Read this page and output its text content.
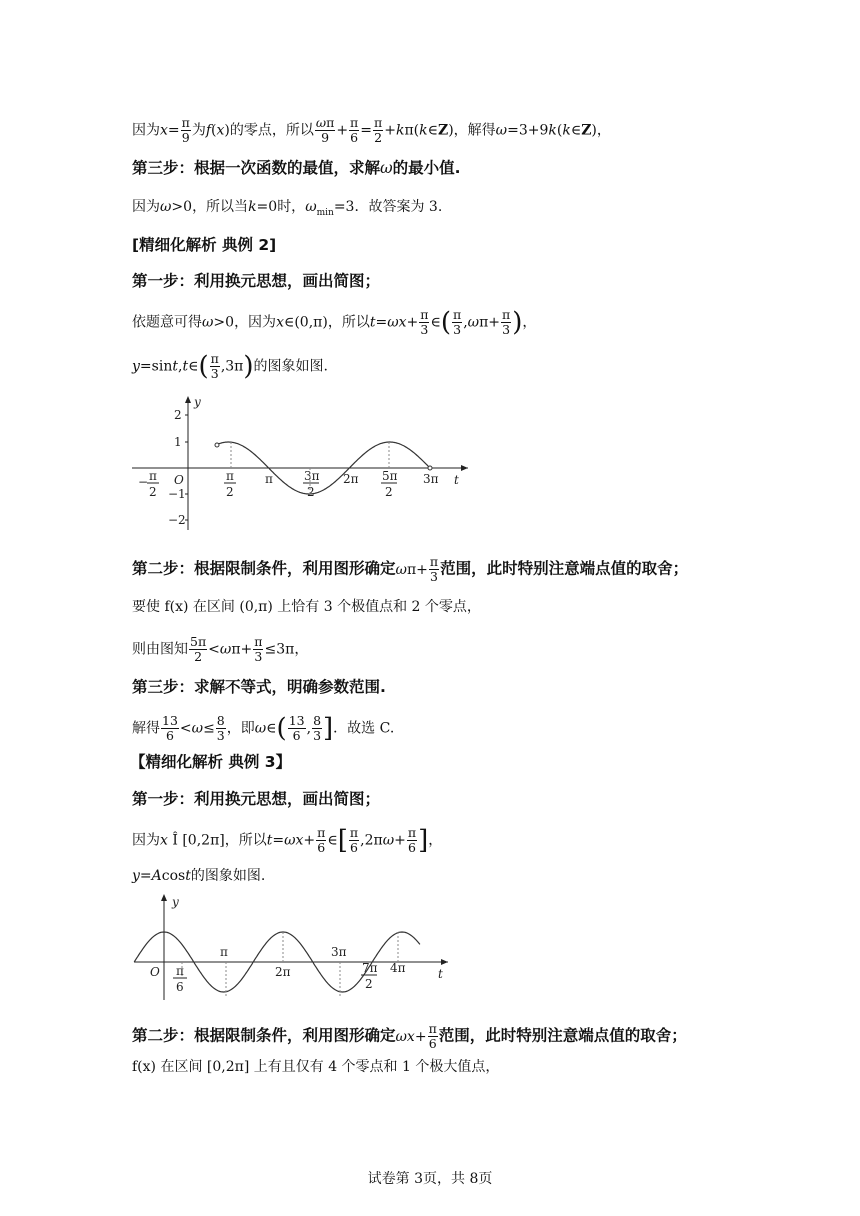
因为$x= \frac{\pi}{9}$ 为f(x)的零点，所以 $\frac{\omega\pi}{9} + \frac{\pi}{6} = \frac{\pi}{2}$ +kπ(k∈Z)，解得ω=3+9k(k∈Z)，
第三步：根据一次函数的最值，求解ω的最小值.
因为ω>0，所以当k=0时，$\omega_{min}=3$．故答案为 3.
[精细化解析 典例 2]
第一步：利用换元思想，画出简图；
依题意可得ω>0，因为x∈(0,π)，所以$t=\omega x+ \frac{\pi}{3}$ ∈( $\frac{\pi}{3} ,\omega\pi+ \frac{\pi}{3}$ )，
y=sint,t∈( $\frac{\pi}{3} ,3\pi$)的图象如图.
y
t
O
2
1
−1
−2
− π
2
π
2
π	3π
2
2π 5π
2
3π
第二步：根据限制条件，利用图形确定$\omega\pi+ \frac{\pi}{3}$ 范围，此时特别注意端点值的取舍；
要使 f(x) 在区间 (0,π) 上恰有 3 个极值点和 2 个零点，
则由图知 $\frac{5\pi}{2} <\omega\pi+ \frac{\pi}{3} \le 3\pi$，
第三步：求解不等式，明确参数范围.
解得 $\frac{13}{6} <\omega\le \frac{8}{3}$ ，即ω∈( $\frac{13}{6}$ , $\frac{8}{3}$ ]．故选 C.
【精细化解析 典例 3】
第一步：利用换元思想，画出简图；
因为x Î [0,2π]，所以$t=\omega x+ \frac{\pi}{6}$ ∈[ $\frac{\pi}{6} ,2\pi\omega+ \frac{\pi}{6}$ ]，
y=Acost的图象如图.
y
t
O
π	3π
π
6
2π	7π
2
4π
第二步：根据限制条件，利用图形确定$\omega x+ \frac{\pi}{6}$ 范围，此时特别注意端点值的取舍；
f(x) 在区间 [0,2π] 上有且仅有 4 个零点和 1 个极大值点，
试卷第 3页，共 8页
